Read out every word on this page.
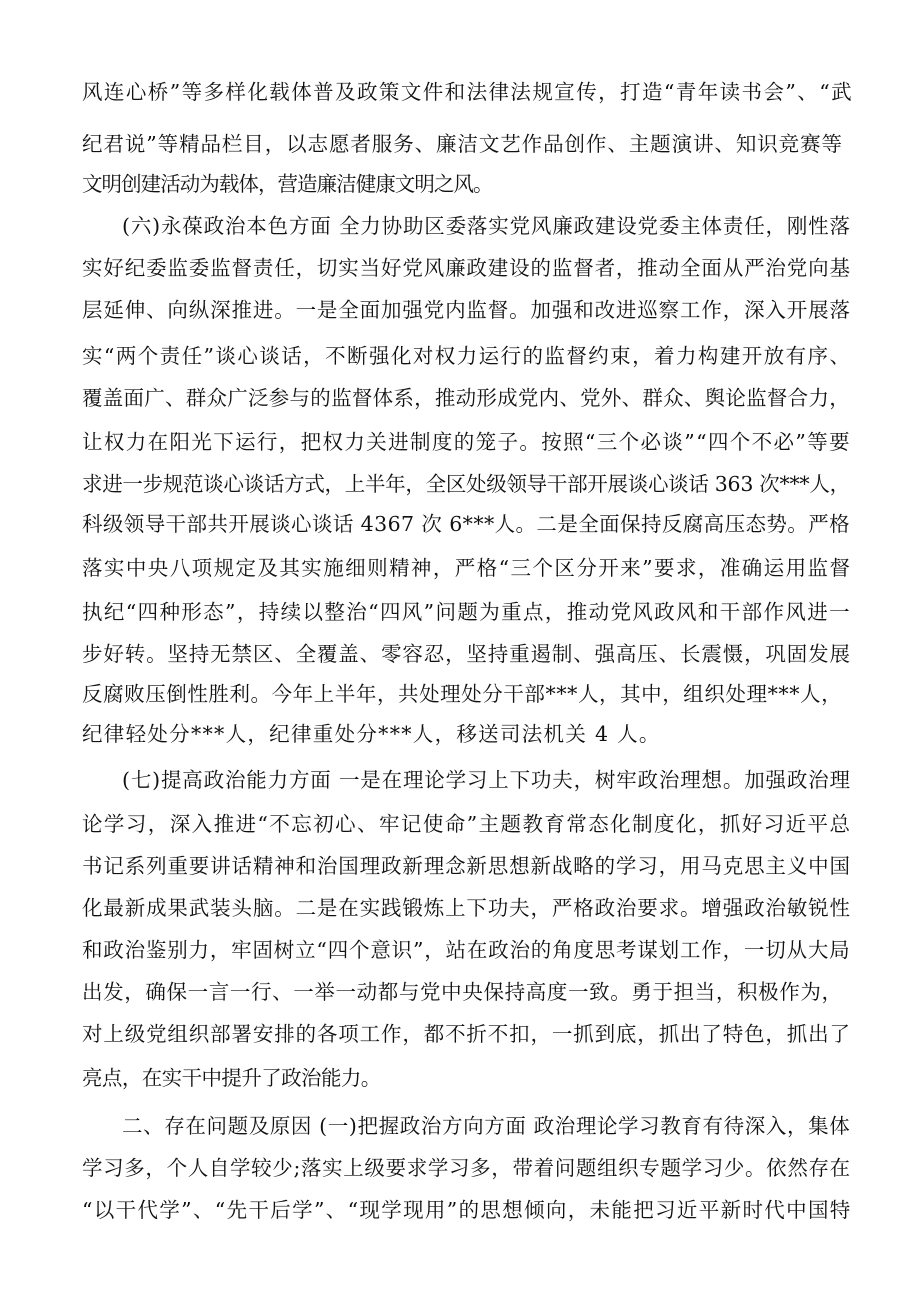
风连心桥”等多样化载体普及政策文件和法律法规宣传，打造“青年读书会”、“武
纪君说”等精品栏目，以志愿者服务、廉洁文艺作品创作、主题演讲、知识竞赛等
文明创建活动为载体，营造廉洁健康文明之风。
(六)永葆政治本色方面 全力协助区委落实党风廉政建设党委主体责任，刚性落
实好纪委监委监督责任，切实当好党风廉政建设的监督者，推动全面从严治党向基
层延伸、向纵深推进。一是全面加强党内监督。加强和改进巡察工作，深入开展落
实“两个责任”谈心谈话，不断强化对权力运行的监督约束，着力构建开放有序、
覆盖面广、群众广泛参与的监督体系，推动形成党内、党外、群众、舆论监督合力，
让权力在阳光下运行，把权力关进制度的笼子。按照“三个必谈”“四个不必”等要
求进一步规范谈心谈话方式，上半年，全区处级领导干部开展谈心谈话 363 次***人，
科级领导干部共开展谈心谈话 4367 次 6***人。二是全面保持反腐高压态势。严格
落实中央八项规定及其实施细则精神，严格“三个区分开来”要求，准确运用监督
执纪“四种形态”，持续以整治“四风”问题为重点，推动党风政风和干部作风进一
步好转。坚持无禁区、全覆盖、零容忍，坚持重遏制、强高压、长震慑，巩固发展
反腐败压倒性胜利。今年上半年，共处理处分干部***人，其中，组织处理***人，
纪律轻处分***人，纪律重处分***人，移送司法机关 4 人。
(七)提高政治能力方面 一是在理论学习上下功夫，树牢政治理想。加强政治理
论学习，深入推进“不忘初心、牢记使命”主题教育常态化制度化，抓好习近平总
书记系列重要讲话精神和治国理政新理念新思想新战略的学习，用马克思主义中国
化最新成果武装头脑。二是在实践锻炼上下功夫，严格政治要求。增强政治敏锐性
和政治鉴别力，牢固树立“四个意识”，站在政治的角度思考谋划工作，一切从大局
出发，确保一言一行、一举一动都与党中央保持高度一致。勇于担当，积极作为，
对上级党组织部署安排的各项工作，都不折不扣，一抓到底，抓出了特色，抓出了
亮点，在实干中提升了政治能力。
二、存在问题及原因 (一)把握政治方向方面 政治理论学习教育有待深入，集体
学习多，个人自学较少;落实上级要求学习多，带着问题组织专题学习少。依然存在
“以干代学”、“先干后学”、“现学现用”的思想倾向，未能把习近平新时代中国特
